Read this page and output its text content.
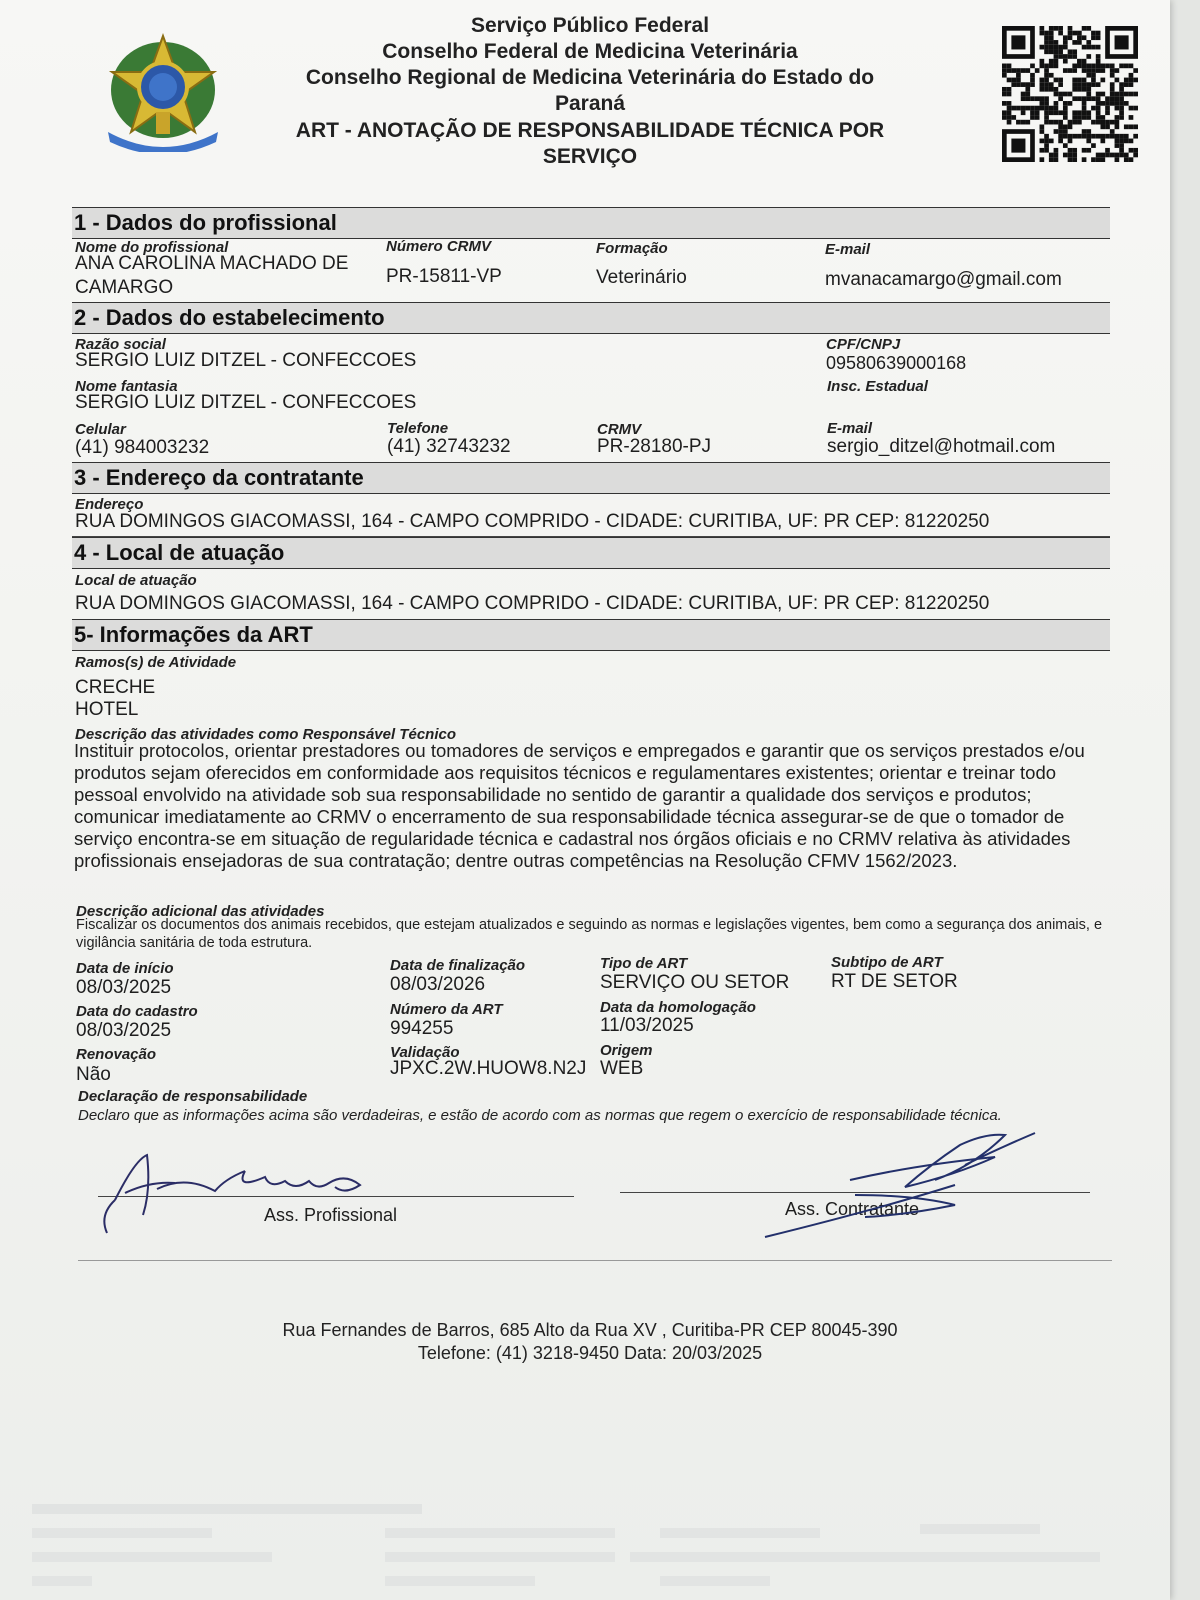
Serviço Público Federal
Conselho Federal de Medicina Veterinária
Conselho Regional de Medicina Veterinária do Estado do
Paraná
ART - ANOTAÇÃO DE RESPONSABILIDADE TÉCNICA POR
SERVIÇO
1 - Dados do profissional
Nome do profissional
ANA CAROLINA MACHADO DE
CAMARGO
Número CRMV
PR-15811-VP
Formação
Veterinário
E-mail
mvanacamargo@gmail.com
2 - Dados do estabelecimento
Razão social
SERGIO LUIZ DITZEL - CONFECCOES
CPF/CNPJ
09580639000168
Nome fantasia
SERGIO LUIZ DITZEL - CONFECCOES
Insc. Estadual
Celular
(41) 984003232
Telefone
(41) 32743232
CRMV
PR-28180-PJ
E-mail
sergio_ditzel@hotmail.com
3 - Endereço da contratante
Endereço
RUA DOMINGOS GIACOMASSI, 164 - CAMPO COMPRIDO - CIDADE: CURITIBA, UF: PR CEP: 81220250
4 - Local de atuação
Local de atuação
RUA DOMINGOS GIACOMASSI, 164 - CAMPO COMPRIDO - CIDADE: CURITIBA, UF: PR CEP: 81220250
5- Informações da ART
Ramos(s) de Atividade
CRECHE
HOTEL
Descrição das atividades como Responsável Técnico
Instituir protocolos, orientar prestadores ou tomadores de serviços e empregados e garantir que os serviços prestados e/ou produtos sejam oferecidos em conformidade aos requisitos técnicos e regulamentares existentes; orientar e treinar todo pessoal envolvido na atividade sob sua responsabilidade no sentido de garantir a qualidade dos serviços e produtos; comunicar imediatamente ao CRMV o encerramento de sua responsabilidade técnica assegurar-se de que o tomador de serviço encontra-se em situação de regularidade técnica e cadastral nos órgãos oficiais e no CRMV relativa às atividades profissionais ensejadoras de sua contratação; dentre outras competências na Resolução CFMV 1562/2023.
Descrição adicional das atividades
Fiscalizar os documentos dos animais recebidos, que estejam atualizados e seguindo as normas e legislações vigentes, bem como a segurança dos animais, e vigilância sanitária de toda estrutura.
Data de início
08/03/2025
Data de finalização
08/03/2026
Tipo de ART
SERVIÇO OU SETOR
Subtipo de ART
RT DE SETOR
Data do cadastro
08/03/2025
Número da ART
994255
Data da homologação
11/03/2025
Renovação
Não
Validação
JPXC.2W.HUOW8.N2J
Origem
WEB
Declaração de responsabilidade
Declaro que as informações acima são verdadeiras, e estão de acordo com as normas que regem o exercício de responsabilidade técnica.
Ass. Profissional	Ass. Contratante
Rua Fernandes de Barros, 685 Alto da Rua XV , Curitiba-PR CEP 80045-390
Telefone: (41) 3218-9450 Data: 20/03/2025
